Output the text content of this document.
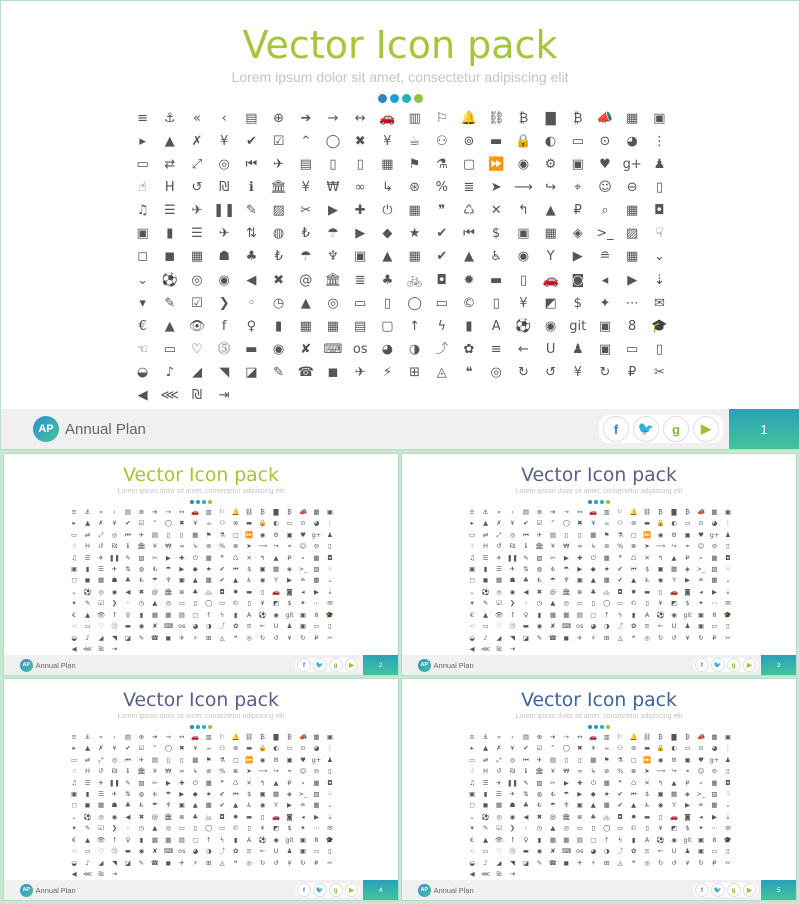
Vector Icon pack
Lorem ipsum dolor sit amet, consectetur adipiscing elit
≡ ⚓ « ‹ ▤ ⊕ ➔ → ↔ 🚗 ▥ ⚐ 🔔 ⛓ ₿ ▇ ₿ 📣 ▦ ▣
▸ ▲ ✗ ¥ ✔ ☑ ⌃ ◯ ✖ ¥ ☕ ⚇ ⊚ ▬ 🔒 ◐ ▭ ⊙ ◕ ⋮
▭ ⇄ ⤢ ◎ ⏮ ✈ ▤ ▯ ▯ ▦ ⚑ ⚗ ▢ ⏩ ◉ ⚙ ▣ ♥ g+ ♟
☝ H ↺ ₪ ℹ 🏛 ¥ ₩ ∞ ↳ ⊛ % ≣ ➤ ⟶ ↪ ⌖ ☺ ⊖ ▯
♫ ☰ ✈ ❚❚ ✎ ▨ ✂ ▶ ✚ ⏻ ▦ ❞ ♺ ✕ ↰ ▲ ₽ ⌕ ▦ ◘
▣ ▮ ☰ ✈ ⇅ ◍ ₺ ☂ ▶ ◆ ★ ✔ ⏮ $ ▣ ▦ ◈ >_ ▨ ☟
◻ ◼ ▦ ☗ ♣ ₺ ☂ ♆ ▣ ▲ ▦ ✔ ▲ ♿ ◉ Y ▶ ≘ ▦ ⌄
⌄ ⚽ ◎ ◉ ◀ ✖ @ 🏛 ≣ ♣ 🚲 ◘ ✹ ▬ ▯ 🚗 ◙ ◂ ▶ ⇣
▾ ✎ ☑ ❯ ◦ ◷ ▲ ◎ ▭ ▯ ◯ ▭ © ▯ ¥ ◩ $ ✦ ⋯ ✉
€ ▲ 👁 f ♀ ▮ ▦ ▦ ▤ ▢ ↑ ϟ ▮ A ⚽ ◉ git ▣ 8 🎓
☜ ▭ ♡ ⓹ ▬ ◉ ✘ ⌨ os ◕ ◑ ⤴ ✿ ≡ ← U ♟ ▣ ▭ ▯
◒ ♪ ◢ ◥ ◪ ✎ ☎ ◼ ✈ ⚡ ⊞ ◬ ❝ ◎ ↻ ↺ ¥ ↻ ₽ ✂
◀ ⋘ ₪ ⇥
AP Annual Plan	f	🐦	g	▶	1
Vector Icon pack
Lorem ipsum dolor sit amet, consectetur adipiscing elit
≡ ⚓ « ‹ ▤ ⊕ ➔ → ↔ 🚗 ▥ ⚐ 🔔 ⛓ ₿ ▇ ₿ 📣 ▦ ▣
▸ ▲ ✗ ¥ ✔ ☑ ⌃ ◯ ✖ ¥ ☕ ⚇ ⊚ ▬ 🔒 ◐ ▭ ⊙ ◕ ⋮
▭ ⇄ ⤢ ◎ ⏮ ✈ ▤ ▯ ▯ ▦ ⚑ ⚗ ▢ ⏩ ◉ ⚙ ▣ ♥ g+ ♟
☝ H ↺ ₪ ℹ 🏛 ¥ ₩ ∞ ↳ ⊛ % ≣ ➤ ⟶ ↪ ⌖ ☺ ⊖ ▯
♫ ☰ ✈ ❚❚ ✎ ▨ ✂ ▶ ✚ ⏻ ▦ ❞ ♺ ✕ ↰ ▲ ₽ ⌕ ▦ ◘
▣ ▮ ☰ ✈ ⇅ ◍ ₺ ☂ ▶ ◆ ★ ✔ ⏮ $ ▣ ▦ ◈ >_ ▨ ☟
◻ ◼ ▦ ☗ ♣ ₺ ☂ ♆ ▣ ▲ ▦ ✔ ▲ ♿ ◉ Y ▶ ≘ ▦ ⌄
⌄ ⚽ ◎ ◉ ◀ ✖ @ 🏛 ≣ ♣ 🚲 ◘ ✹ ▬ ▯ 🚗 ◙ ◂ ▶ ⇣
▾ ✎ ☑ ❯ ◦ ◷ ▲ ◎ ▭ ▯ ◯ ▭ © ▯ ¥ ◩ $ ✦ ⋯ ✉
€ ▲ 👁 f ♀ ▮ ▦ ▦ ▤ ▢ ↑ ϟ ▮ A ⚽ ◉ git ▣ 8 🎓
☜ ▭ ♡ ⓹ ▬ ◉ ✘ ⌨ os ◕ ◑ ⤴ ✿ ≡ ← U ♟ ▣ ▭ ▯
◒ ♪ ◢ ◥ ◪ ✎ ☎ ◼ ✈ ⚡ ⊞ ◬ ❝ ◎ ↻ ↺ ¥ ↻ ₽ ✂
◀ ⋘ ₪ ⇥
AP Annual Plan	f	🐦	g	▶	2
Vector Icon pack
Lorem ipsum dolor sit amet, consectetur adipiscing elit
≡ ⚓ « ‹ ▤ ⊕ ➔ → ↔ 🚗 ▥ ⚐ 🔔 ⛓ ₿ ▇ ₿ 📣 ▦ ▣
▸ ▲ ✗ ¥ ✔ ☑ ⌃ ◯ ✖ ¥ ☕ ⚇ ⊚ ▬ 🔒 ◐ ▭ ⊙ ◕ ⋮
▭ ⇄ ⤢ ◎ ⏮ ✈ ▤ ▯ ▯ ▦ ⚑ ⚗ ▢ ⏩ ◉ ⚙ ▣ ♥ g+ ♟
☝ H ↺ ₪ ℹ 🏛 ¥ ₩ ∞ ↳ ⊛ % ≣ ➤ ⟶ ↪ ⌖ ☺ ⊖ ▯
♫ ☰ ✈ ❚❚ ✎ ▨ ✂ ▶ ✚ ⏻ ▦ ❞ ♺ ✕ ↰ ▲ ₽ ⌕ ▦ ◘
▣ ▮ ☰ ✈ ⇅ ◍ ₺ ☂ ▶ ◆ ★ ✔ ⏮ $ ▣ ▦ ◈ >_ ▨ ☟
◻ ◼ ▦ ☗ ♣ ₺ ☂ ♆ ▣ ▲ ▦ ✔ ▲ ♿ ◉ Y ▶ ≘ ▦ ⌄
⌄ ⚽ ◎ ◉ ◀ ✖ @ 🏛 ≣ ♣ 🚲 ◘ ✹ ▬ ▯ 🚗 ◙ ◂ ▶ ⇣
▾ ✎ ☑ ❯ ◦ ◷ ▲ ◎ ▭ ▯ ◯ ▭ © ▯ ¥ ◩ $ ✦ ⋯ ✉
€ ▲ 👁 f ♀ ▮ ▦ ▦ ▤ ▢ ↑ ϟ ▮ A ⚽ ◉ git ▣ 8 🎓
☜ ▭ ♡ ⓹ ▬ ◉ ✘ ⌨ os ◕ ◑ ⤴ ✿ ≡ ← U ♟ ▣ ▭ ▯
◒ ♪ ◢ ◥ ◪ ✎ ☎ ◼ ✈ ⚡ ⊞ ◬ ❝ ◎ ↻ ↺ ¥ ↻ ₽ ✂
◀ ⋘ ₪ ⇥
AP Annual Plan	f	🐦	g	▶	3
Vector Icon pack
Lorem ipsum dolor sit amet, consectetur adipiscing elit
≡ ⚓ « ‹ ▤ ⊕ ➔ → ↔ 🚗 ▥ ⚐ 🔔 ⛓ ₿ ▇ ₿ 📣 ▦ ▣
▸ ▲ ✗ ¥ ✔ ☑ ⌃ ◯ ✖ ¥ ☕ ⚇ ⊚ ▬ 🔒 ◐ ▭ ⊙ ◕ ⋮
▭ ⇄ ⤢ ◎ ⏮ ✈ ▤ ▯ ▯ ▦ ⚑ ⚗ ▢ ⏩ ◉ ⚙ ▣ ♥ g+ ♟
☝ H ↺ ₪ ℹ 🏛 ¥ ₩ ∞ ↳ ⊛ % ≣ ➤ ⟶ ↪ ⌖ ☺ ⊖ ▯
♫ ☰ ✈ ❚❚ ✎ ▨ ✂ ▶ ✚ ⏻ ▦ ❞ ♺ ✕ ↰ ▲ ₽ ⌕ ▦ ◘
▣ ▮ ☰ ✈ ⇅ ◍ ₺ ☂ ▶ ◆ ★ ✔ ⏮ $ ▣ ▦ ◈ >_ ▨ ☟
◻ ◼ ▦ ☗ ♣ ₺ ☂ ♆ ▣ ▲ ▦ ✔ ▲ ♿ ◉ Y ▶ ≘ ▦ ⌄
⌄ ⚽ ◎ ◉ ◀ ✖ @ 🏛 ≣ ♣ 🚲 ◘ ✹ ▬ ▯ 🚗 ◙ ◂ ▶ ⇣
▾ ✎ ☑ ❯ ◦ ◷ ▲ ◎ ▭ ▯ ◯ ▭ © ▯ ¥ ◩ $ ✦ ⋯ ✉
€ ▲ 👁 f ♀ ▮ ▦ ▦ ▤ ▢ ↑ ϟ ▮ A ⚽ ◉ git ▣ 8 🎓
☜ ▭ ♡ ⓹ ▬ ◉ ✘ ⌨ os ◕ ◑ ⤴ ✿ ≡ ← U ♟ ▣ ▭ ▯
◒ ♪ ◢ ◥ ◪ ✎ ☎ ◼ ✈ ⚡ ⊞ ◬ ❝ ◎ ↻ ↺ ¥ ↻ ₽ ✂
◀ ⋘ ₪ ⇥
AP Annual Plan	f	🐦	g	▶	4
Vector Icon pack
Lorem ipsum dolor sit amet, consectetur adipiscing elit
≡ ⚓ « ‹ ▤ ⊕ ➔ → ↔ 🚗 ▥ ⚐ 🔔 ⛓ ₿ ▇ ₿ 📣 ▦ ▣
▸ ▲ ✗ ¥ ✔ ☑ ⌃ ◯ ✖ ¥ ☕ ⚇ ⊚ ▬ 🔒 ◐ ▭ ⊙ ◕ ⋮
▭ ⇄ ⤢ ◎ ⏮ ✈ ▤ ▯ ▯ ▦ ⚑ ⚗ ▢ ⏩ ◉ ⚙ ▣ ♥ g+ ♟
☝ H ↺ ₪ ℹ 🏛 ¥ ₩ ∞ ↳ ⊛ % ≣ ➤ ⟶ ↪ ⌖ ☺ ⊖ ▯
♫ ☰ ✈ ❚❚ ✎ ▨ ✂ ▶ ✚ ⏻ ▦ ❞ ♺ ✕ ↰ ▲ ₽ ⌕ ▦ ◘
▣ ▮ ☰ ✈ ⇅ ◍ ₺ ☂ ▶ ◆ ★ ✔ ⏮ $ ▣ ▦ ◈ >_ ▨ ☟
◻ ◼ ▦ ☗ ♣ ₺ ☂ ♆ ▣ ▲ ▦ ✔ ▲ ♿ ◉ Y ▶ ≘ ▦ ⌄
⌄ ⚽ ◎ ◉ ◀ ✖ @ 🏛 ≣ ♣ 🚲 ◘ ✹ ▬ ▯ 🚗 ◙ ◂ ▶ ⇣
▾ ✎ ☑ ❯ ◦ ◷ ▲ ◎ ▭ ▯ ◯ ▭ © ▯ ¥ ◩ $ ✦ ⋯ ✉
€ ▲ 👁 f ♀ ▮ ▦ ▦ ▤ ▢ ↑ ϟ ▮ A ⚽ ◉ git ▣ 8 🎓
☜ ▭ ♡ ⓹ ▬ ◉ ✘ ⌨ os ◕ ◑ ⤴ ✿ ≡ ← U ♟ ▣ ▭ ▯
◒ ♪ ◢ ◥ ◪ ✎ ☎ ◼ ✈ ⚡ ⊞ ◬ ❝ ◎ ↻ ↺ ¥ ↻ ₽ ✂
◀ ⋘ ₪ ⇥
AP Annual Plan	f	🐦	g	▶	5
